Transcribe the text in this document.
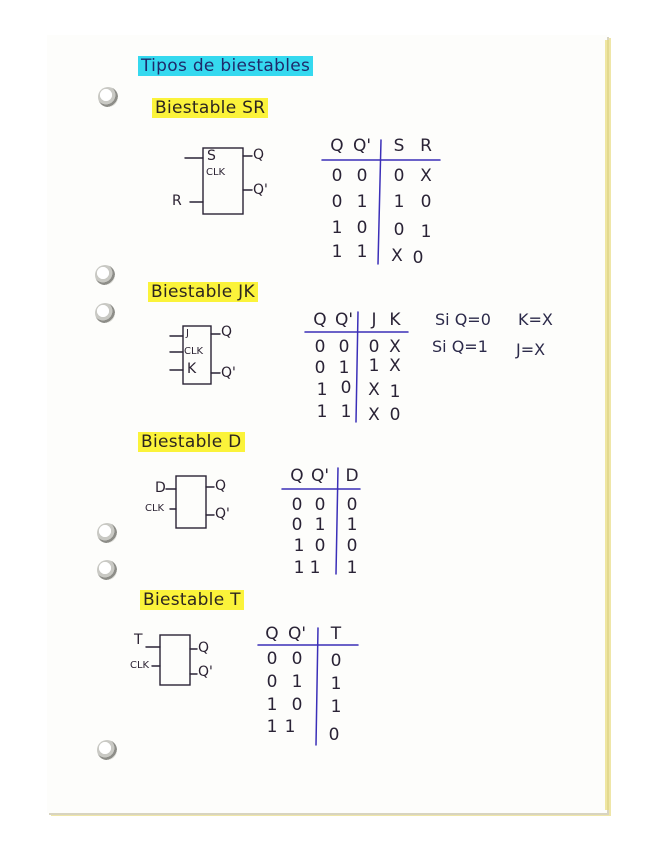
Tipos de biestables
Biestable SR
Biestable JK
Biestable D
Biestable T
S
CLK
R
Q
Q'
J
CLK
K
Q
Q'
D
CLK
Q
Q'
T
CLK
Q
Q'
Q Q' S R
0 0 0 X
0 1 1 0
1 0 0 1
1 1 X 0
Q Q'	J K
0 0 0 X
0 1 1 X
1 0 X 1
1 1 X 0
Si Q=0 K=X
Si Q=1 J=X
Q Q' D
0 0 0
0 1 1
1 0 0
1 1 1
Q Q' T
0 0 0
0 1 1
1 0 1
1 1 0
